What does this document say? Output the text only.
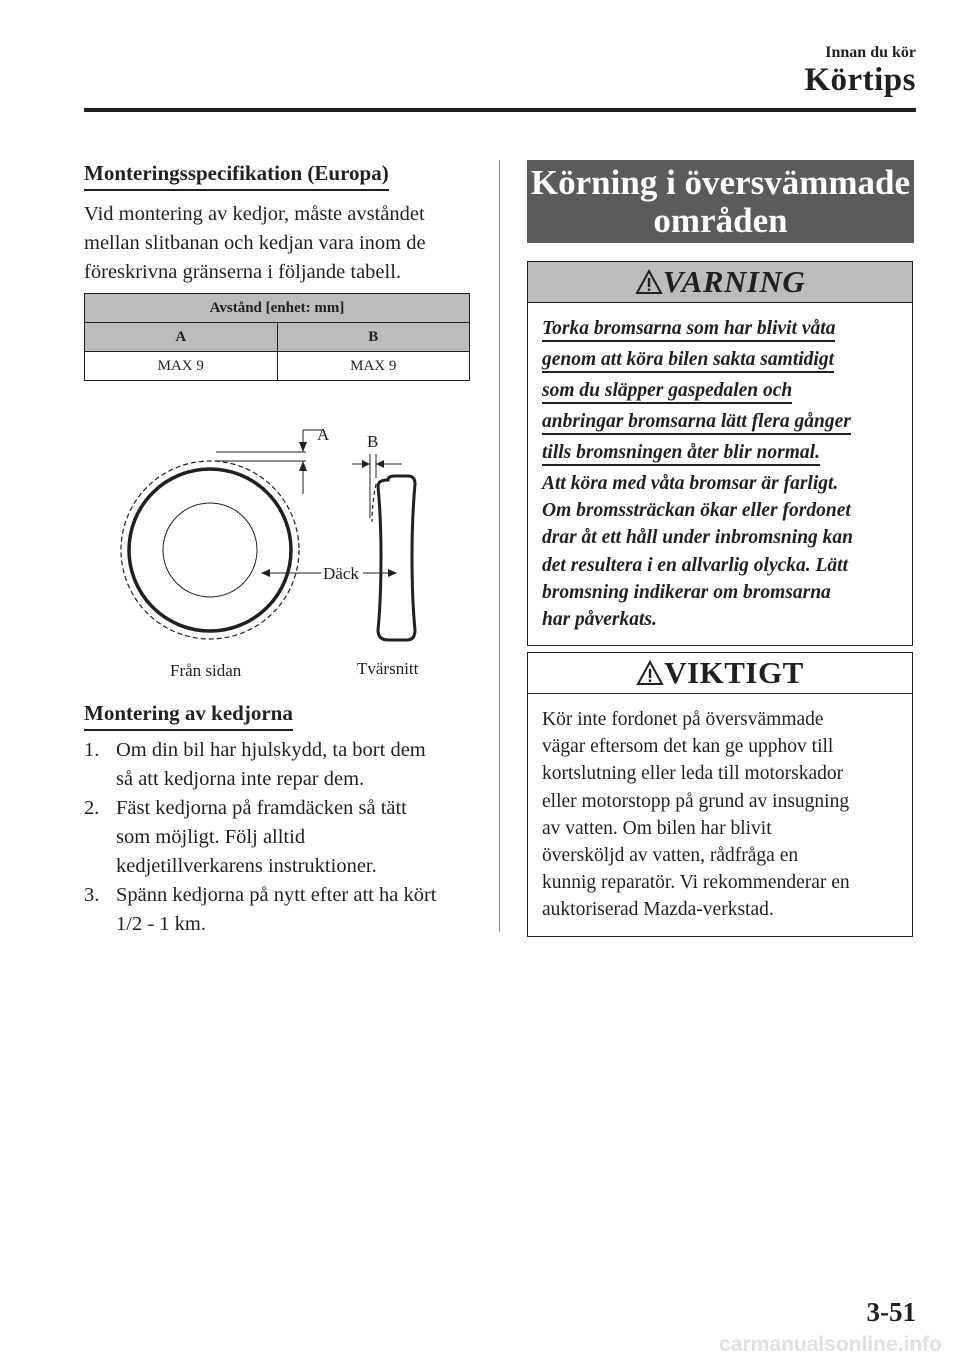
Innan du kör
Körtips
Monteringsspecifikation (Europa)
Vid montering av kedjor, måste avståndet
mellan slitbanan och kedjan vara inom de
föreskrivna gränserna i följande tabell.
Avstånd [enhet: mm]	
A	B
MAX 9	MAX 9
A B
Däck
Från sidan	Tvärsnitt
Montering av kedjorna
1. Om din bil har hjulskydd, ta bort dem
så att kedjorna inte repar dem.
2. Fäst kedjorna på framdäcken så tätt
som möjligt. Följ alltid
kedjetillverkarens instruktioner.
3. Spänn kedjorna på nytt efter att ha kört
1/2 - 1 km.
Körning i översvämmade
områden
VARNING
Torka bromsarna som har blivit våta
genom att köra bilen sakta samtidigt
som du släpper gaspedalen och
anbringar bromsarna lätt flera gånger
tills bromsningen åter blir normal.
Att köra med våta bromsar är farligt.
Om bromssträckan ökar eller fordonet
drar åt ett håll under inbromsning kan
det resultera i en allvarlig olycka. Lätt
bromsning indikerar om bromsarna
har påverkats.
VIKTIGT
Kör inte fordonet på översvämmade
vägar eftersom det kan ge upphov till
kortslutning eller leda till motorskador
eller motorstopp på grund av insugning
av vatten. Om bilen har blivit
översköljd av vatten, rådfråga en
kunnig reparatör. Vi rekommenderar en
auktoriserad Mazda-verkstad.
3-51
carmanualsonline.info
